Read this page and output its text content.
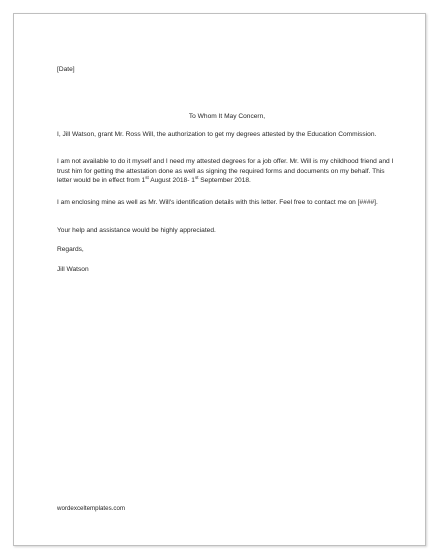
[Date]

To Whom It May Concern,

I, Jill Watson, grant Mr. Ross Will, the authorization to get my degrees attested by the Education Commission.

I am not available to do it myself and I need my attested degrees for a job offer. Mr. Will is my childhood friend and I trust him for getting the attestation done as well as signing the required forms and documents on my behalf. This letter would be in effect from 1st August 2018- 1st September 2018.

I am enclosing mine as well as Mr. Will's identification details with this letter. Feel free to contact me on [####].

Your help and assistance would be highly appreciated.

Regards,

Jill Watson

wordexceltemplates.com
